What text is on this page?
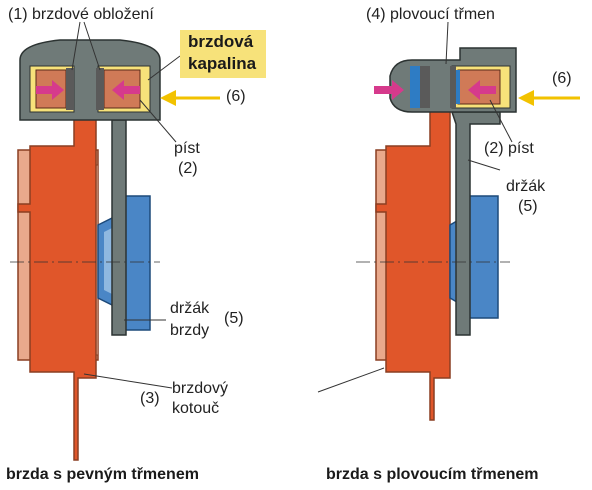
(1) brzdové obložení

brzdová

kapalina

(6)

píst

(2)

držák

brzdy

(5)

brzdový

kotouč

(3)

brzda s pevným třmenem

(4) plovoucí třmen

(6)

(2) píst

držák

(5)

brzda s plovoucím třmenem
